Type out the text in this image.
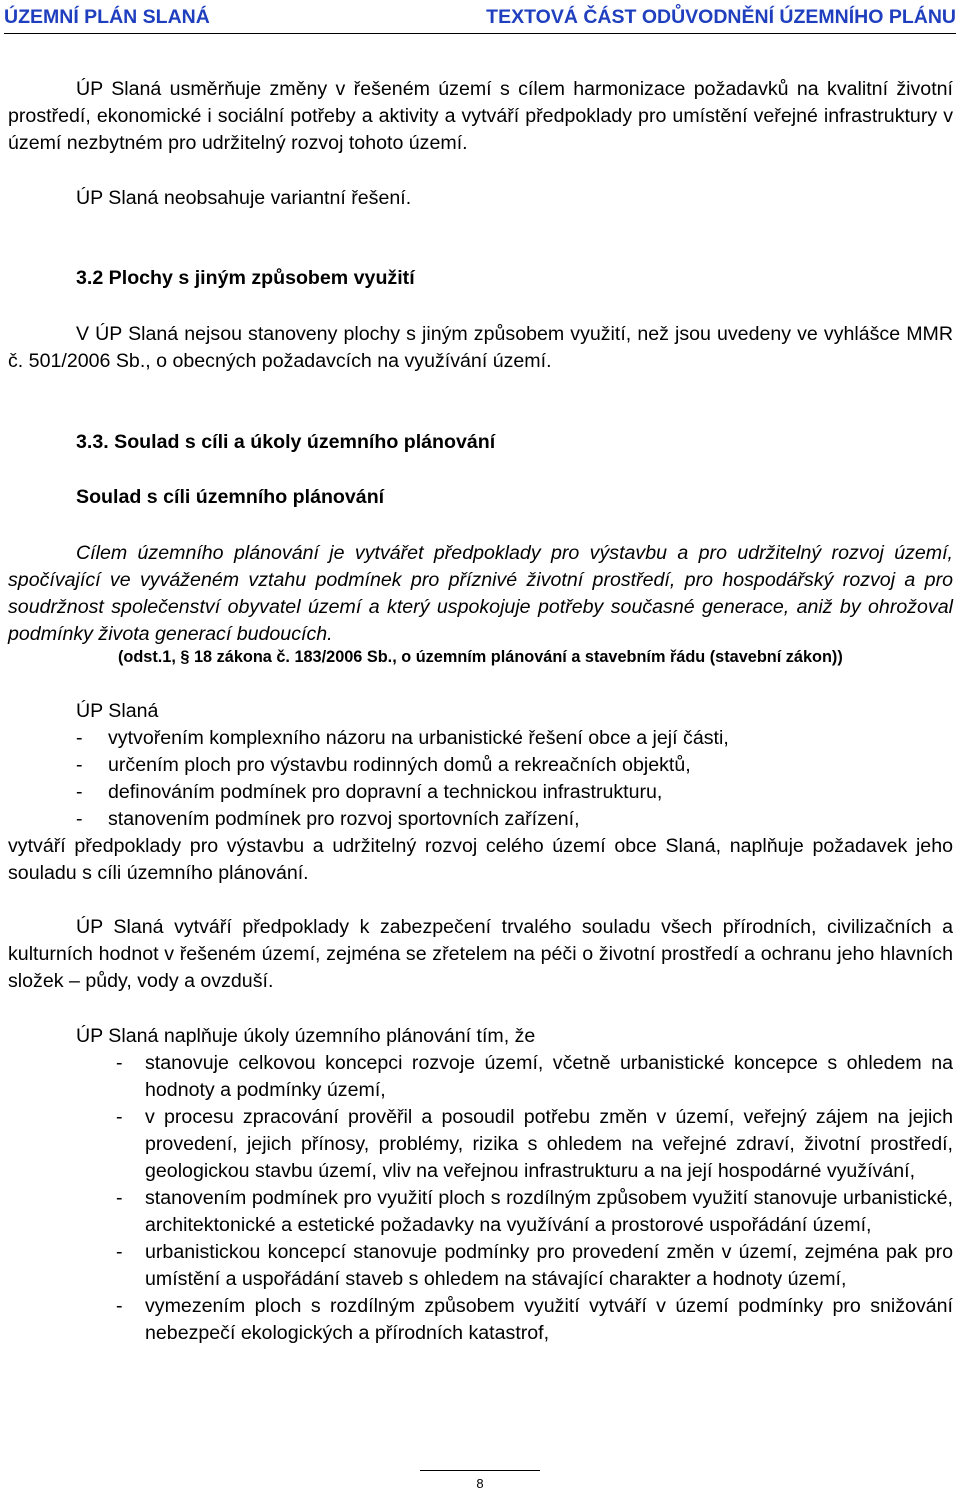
ÚZEMNÍ PLÁN SLANÁ	TEXTOVÁ ČÁST ODŮVODNĚNÍ ÚZEMNÍHO PLÁNU
ÚP Slaná usměrňuje změny v řešeném území s cílem harmonizace požadavků na kvalitní životní prostředí, ekonomické i sociální potřeby a aktivity a vytváří předpoklady pro umístění veřejné infrastruktury v území nezbytném pro udržitelný rozvoj tohoto území.
ÚP Slaná neobsahuje variantní řešení.
3.2 Plochy s jiným způsobem využití
V ÚP Slaná nejsou stanoveny plochy s jiným způsobem využití, než jsou uvedeny ve vyhlášce MMR č. 501/2006 Sb., o obecných požadavcích na využívání území.
3.3. Soulad s cíli a úkoly územního plánování
Soulad s cíli územního plánování
Cílem územního plánování je vytvářet předpoklady pro výstavbu a pro udržitelný rozvoj území, spočívající ve vyváženém vztahu podmínek pro příznivé životní prostředí, pro hospodářský rozvoj a pro soudržnost společenství obyvatel území a který uspokojuje potřeby současné generace, aniž by ohrožoval podmínky života generací budoucích.
(odst.1, § 18 zákona č. 183/2006 Sb., o územním plánování a stavebním řádu (stavební zákon))
ÚP Slaná
- vytvořením komplexního názoru na urbanistické řešení obce a její části,
- určením ploch pro výstavbu rodinných domů a rekreačních objektů,
- definováním podmínek pro dopravní a technickou infrastrukturu,
- stanovením podmínek pro rozvoj sportovních zařízení,
vytváří předpoklady pro výstavbu a udržitelný rozvoj celého území obce Slaná, naplňuje požadavek jeho souladu s cíli územního plánování.
ÚP Slaná vytváří předpoklady k zabezpečení trvalého souladu všech přírodních, civilizačních a kulturních hodnot v řešeném území, zejména se zřetelem na péči o životní prostředí a ochranu jeho hlavních složek – půdy, vody a ovzduší.
ÚP Slaná naplňuje úkoly územního plánování tím, že
- stanovuje celkovou koncepci rozvoje území, včetně urbanistické koncepce s ohledem na hodnoty a podmínky území,
- v procesu zpracování prověřil a posoudil potřebu změn v území, veřejný zájem na jejich provedení, jejich přínosy, problémy, rizika s ohledem na veřejné zdraví, životní prostředí, geologickou stavbu území, vliv na veřejnou infrastrukturu a na její hospodárné využívání,
- stanovením podmínek pro využití ploch s rozdílným způsobem využití stanovuje urbanistické, architektonické a estetické požadavky na využívání a prostorové uspořádání území,
- urbanistickou koncepcí stanovuje podmínky pro provedení změn v území, zejména pak pro umístění a uspořádání staveb s ohledem na stávající charakter a hodnoty území,
- vymezením ploch s rozdílným způsobem využití vytváří v území podmínky pro snižování nebezpečí ekologických a přírodních katastrof,
8
